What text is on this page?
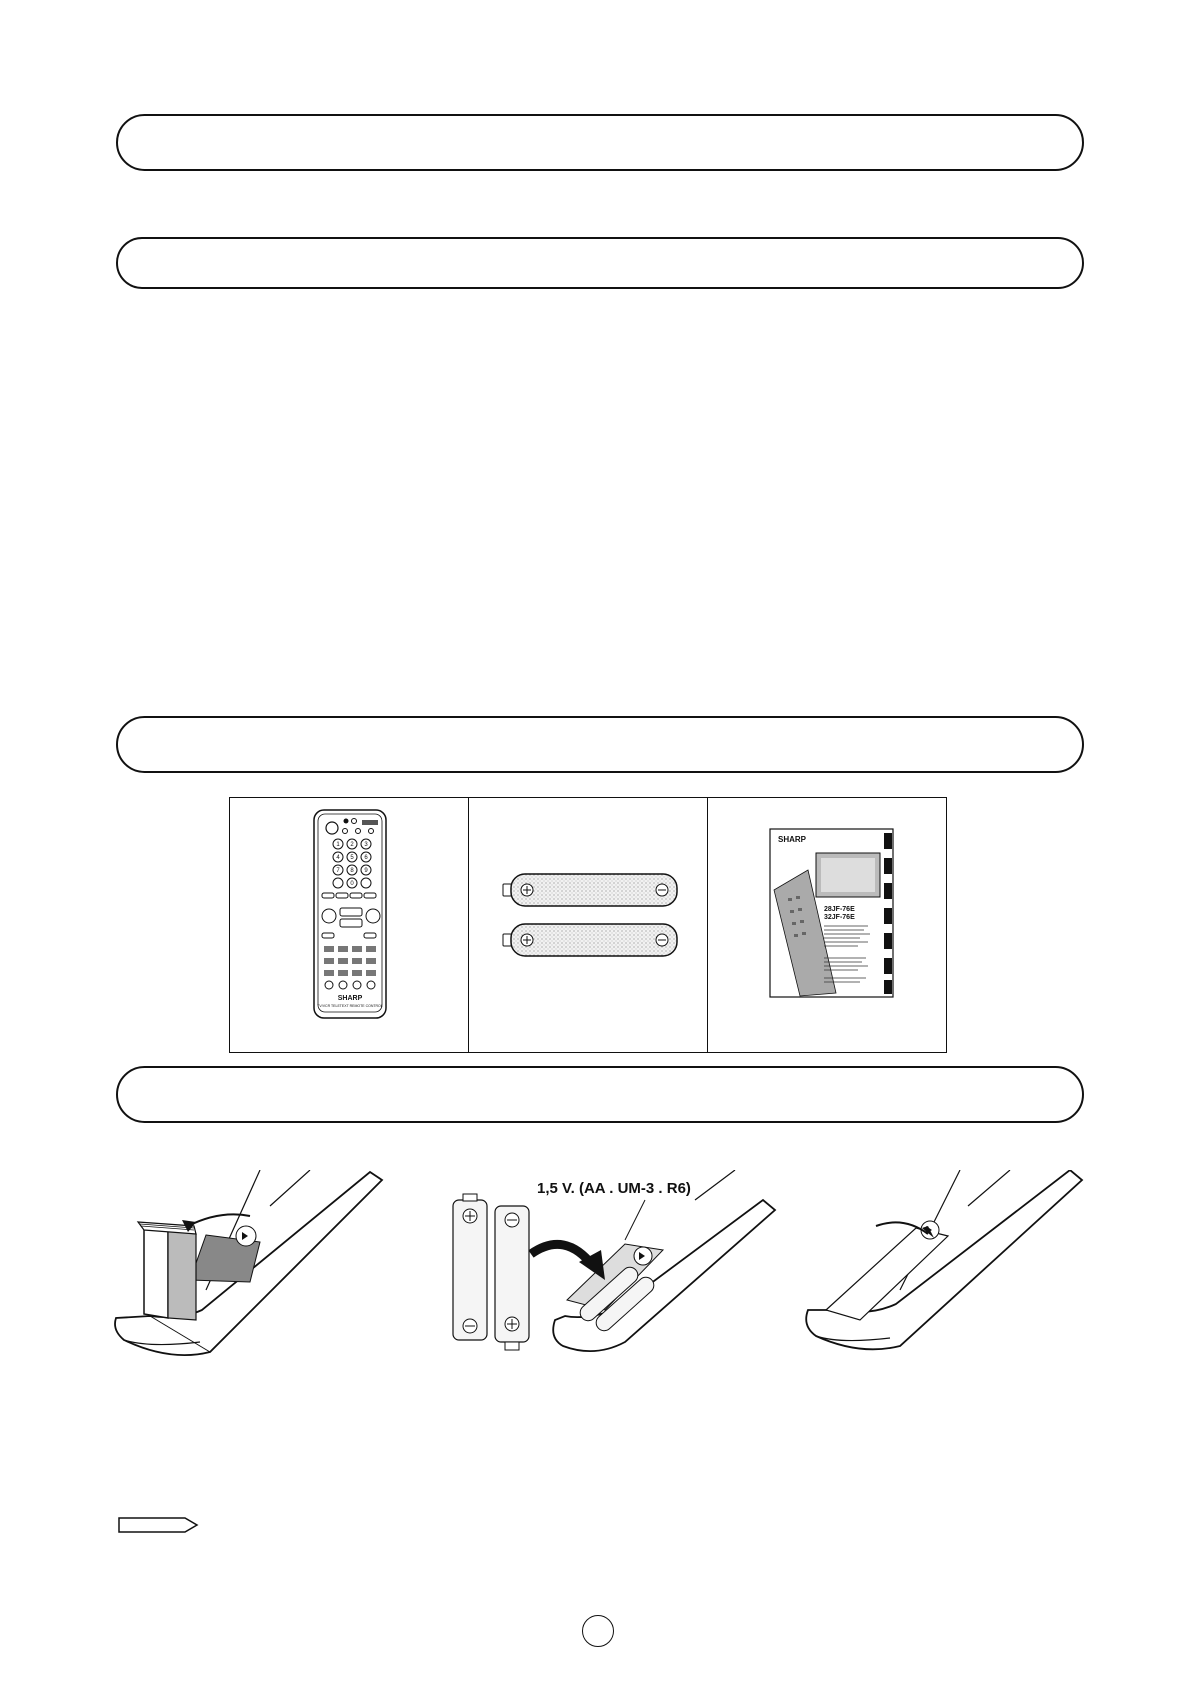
1 2 3
4 5 6
7 8 9
0
SHARP
TV/VCR TELETEXT REMOTE CONTROL
SHARP
28JF-76E
32JF-76E
1,5 V. (AA . UM-3 . R6)
